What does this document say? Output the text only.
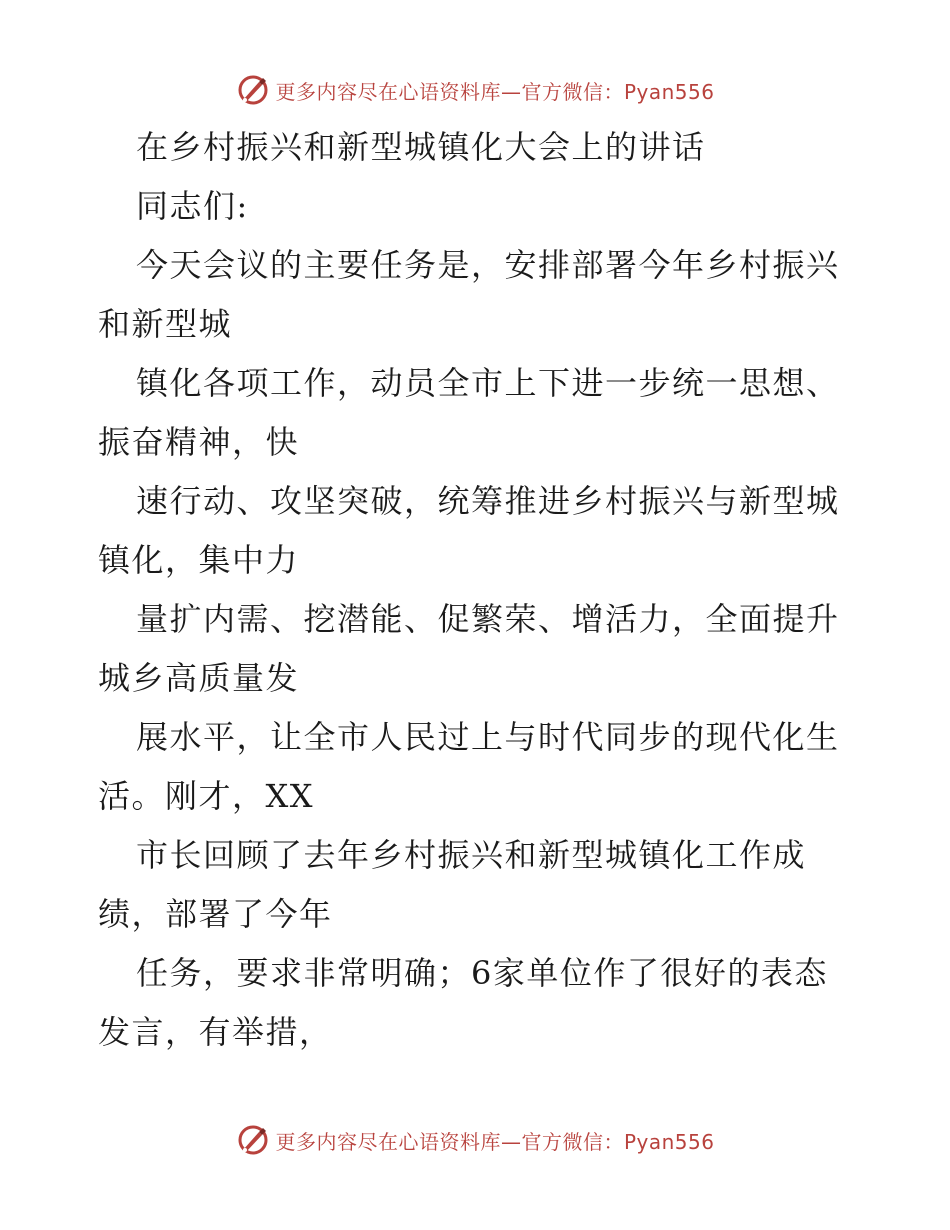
更多内容尽在心语资料库—官方微信：Pyan556
在乡村振兴和新型城镇化大会上的讲话
同志们:
今天会议的主要任务是，安排部署今年乡村振兴
和新型城
镇化各项工作，动员全市上下进一步统一思想、
振奋精神，快
速行动、攻坚突破，统筹推进乡村振兴与新型城
镇化，集中力
量扩内需、挖潜能、促繁荣、增活力，全面提升
城乡高质量发
展水平，让全市人民过上与时代同步的现代化生
活。刚才，XX
市长回顾了去年乡村振兴和新型城镇化工作成
绩，部署了今年
任务，要求非常明确；6家单位作了很好的表态
发言，有举措，
更多内容尽在心语资料库—官方微信：Pyan556
